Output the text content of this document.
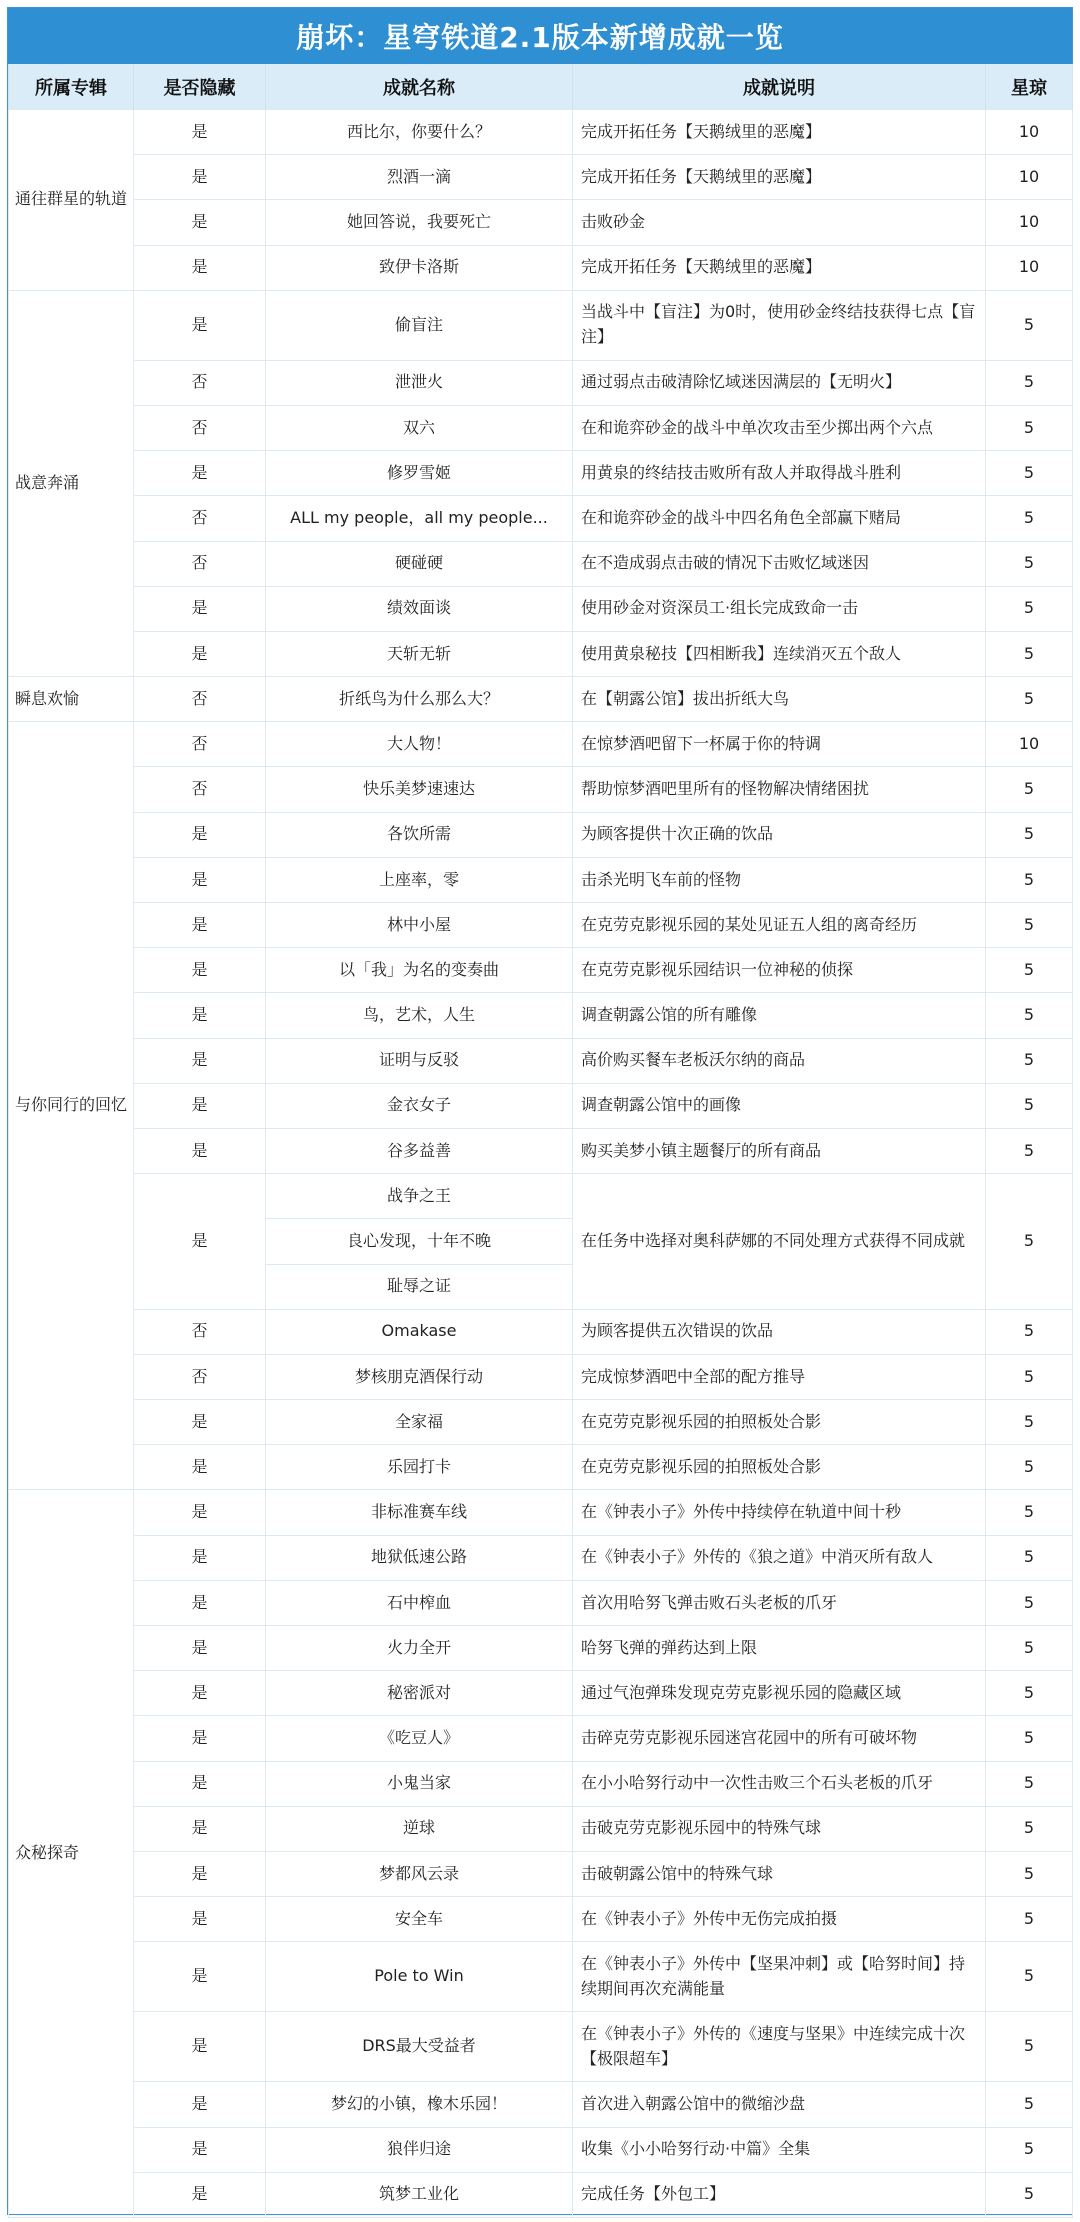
崩坏：星穹铁道2.1版本新增成就一览
所属专辑	是否隐藏	成就名称	成就说明	星琼
通往群星的轨道	是	西比尔，你要什么？	完成开拓任务【天鹅绒里的恶魔】	10
	是	烈酒一滴	完成开拓任务【天鹅绒里的恶魔】	10
	是	她回答说，我要死亡	击败砂金	10
	是	致伊卡洛斯	完成开拓任务【天鹅绒里的恶魔】	10
战意奔涌	是	偷盲注	当战斗中【盲注】为0时，使用砂金终结技获得七点【盲注】	5
	否	泄泄火	通过弱点击破清除忆域迷因满层的【无明火】	5
	否	双六	在和诡弈砂金的战斗中单次攻击至少掷出两个六点	5
	是	修罗雪姬	用黄泉的终结技击败所有敌人并取得战斗胜利	5
	否	ALL my people，all my people...	在和诡弈砂金的战斗中四名角色全部赢下赌局	5
	否	硬碰硬	在不造成弱点击破的情况下击败忆域迷因	5
	是	绩效面谈	使用砂金对资深员工·组长完成致命一击	5
	是	天斩无斩	使用黄泉秘技【四相断我】连续消灭五个敌人	5
瞬息欢愉	否	折纸鸟为什么那么大？	在【朝露公馆】拔出折纸大鸟	5
与你同行的回忆	否	大人物！	在惊梦酒吧留下一杯属于你的特调	10
	否	快乐美梦速速达	帮助惊梦酒吧里所有的怪物解决情绪困扰	5
	是	各饮所需	为顾客提供十次正确的饮品	5
	是	上座率，零	击杀光明飞车前的怪物	5
	是	林中小屋	在克劳克影视乐园的某处见证五人组的离奇经历	5
	是	以「我」为名的变奏曲	在克劳克影视乐园结识一位神秘的侦探	5
	是	鸟，艺术，人生	调查朝露公馆的所有雕像	5
	是	证明与反驳	高价购买餐车老板沃尔纳的商品	5
	是	金衣女子	调查朝露公馆中的画像	5
	是	谷多益善	购买美梦小镇主题餐厅的所有商品	5
	是	战争之王	在任务中选择对奥科萨娜的不同处理方式获得不同成就	5
		良心发现，十年不晚		
		耻辱之证		
	否	Omakase	为顾客提供五次错误的饮品	5
	否	梦核朋克酒保行动	完成惊梦酒吧中全部的配方推导	5
	是	全家福	在克劳克影视乐园的拍照板处合影	5
	是	乐园打卡	在克劳克影视乐园的拍照板处合影	5
众秘探奇	是	非标准赛车线	在《钟表小子》外传中持续停在轨道中间十秒	5
	是	地狱低速公路	在《钟表小子》外传的《狼之道》中消灭所有敌人	5
	是	石中榨血	首次用哈努飞弹击败石头老板的爪牙	5
	是	火力全开	哈努飞弹的弹药达到上限	5
	是	秘密派对	通过气泡弹珠发现克劳克影视乐园的隐藏区域	5
	是	《吃豆人》	击碎克劳克影视乐园迷宫花园中的所有可破坏物	5
	是	小鬼当家	在小小哈努行动中一次性击败三个石头老板的爪牙	5
	是	逆球	击破克劳克影视乐园中的特殊气球	5
	是	梦都风云录	击破朝露公馆中的特殊气球	5
	是	安全车	在《钟表小子》外传中无伤完成拍摄	5
	是	Pole to Win	在《钟表小子》外传中【坚果冲刺】或【哈努时间】持续期间再次充满能量	5
	是	DRS最大受益者	在《钟表小子》外传的《速度与坚果》中连续完成十次【极限超车】	5
	是	梦幻的小镇，橡木乐园！	首次进入朝露公馆中的微缩沙盘	5
	是	狼伴归途	收集《小小哈努行动·中篇》全集	5
	是	筑梦工业化	完成任务【外包工】	5
